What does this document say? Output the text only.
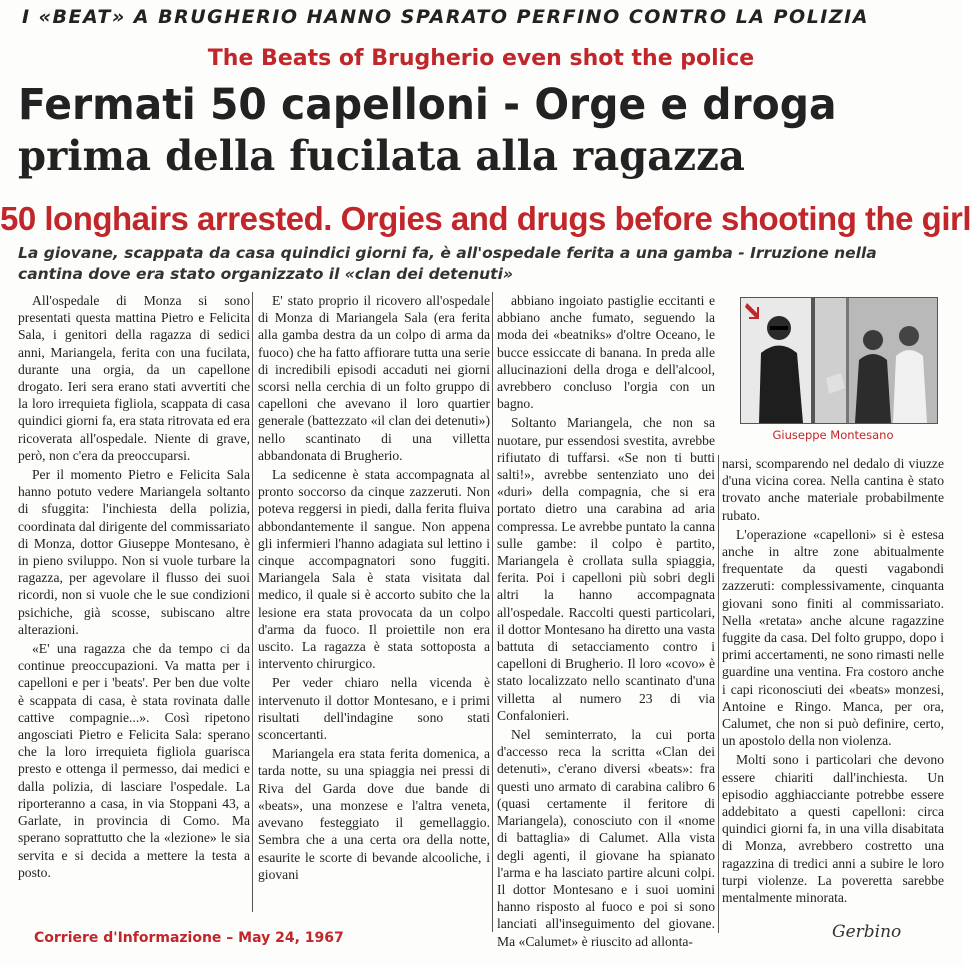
I «BEAT» A BRUGHERIO HANNO SPARATO PERFINO CONTRO LA POLIZIA
The Beats of Brugherio even shot the police
Fermati 50 capelloni - Orge e droga
prima della fucilata alla ragazza
50 longhairs arrested. Orgies and drugs before shooting the girl
La giovane, scappata da casa quindici giorni fa, è all'ospedale ferita a una gamba - Irruzione nella cantina dove era stato organizzato il «clan dei detenuti»

All'ospedale di Monza si sono presentati questa mattina Pietro e Felicita Sala, i genitori della ragazza di sedici anni, Mariangela, ferita con una fucilata, durante una orgia, da un capellone drogato. Ieri sera erano stati avvertiti che la loro irrequieta figliola, scappata di casa quindici giorni fa, era stata ritrovata ed era ricoverata all'ospedale. Niente di grave, però, non c'era da preoccuparsi.

Per il momento Pietro e Felicita Sala hanno potuto vedere Mariangela soltanto di sfuggita: l'inchiesta della polizia, coordinata dal dirigente del commissariato di Monza, dottor Giuseppe Montesano, è in pieno sviluppo. Non si vuole turbare la ragazza, per agevolare il flusso dei suoi ricordi, non si vuole che le sue condizioni psichiche, già scosse, subiscano altre alterazioni.

«E' una ragazza che da tempo ci da continue preoccupazioni. Va matta per i capelloni e per i 'beats'. Per ben due volte è scappata di casa, è stata rovinata dalle cattive compagnie...». Così ripetono angosciati Pietro e Felicita Sala: sperano che la loro irrequieta figliola guarisca presto e ottenga il permesso, dai medici e dalla polizia, di lasciare l'ospedale. La riporteranno a casa, in via Stoppani 43, a Garlate, in provincia di Como. Ma sperano soprattutto che la «lezione» le sia servita e si decida a mettere la testa a posto.

E' stato proprio il ricovero all'ospedale di Monza di Mariangela Sala (era ferita alla gamba destra da un colpo di arma da fuoco) che ha fatto affiorare tutta una serie di incredibili episodi accaduti nei giorni scorsi nella cerchia di un folto gruppo di capelloni che avevano il loro quartier generale (battezzato «il clan dei detenuti») nello scantinato di una villetta abbandonata di Brugherio.

La sedicenne è stata accompagnata al pronto soccorso da cinque zazzeruti. Non poteva reggersi in piedi, dalla ferita fluiva abbondantemente il sangue. Non appena gli infermieri l'hanno adagiata sul lettino i cinque accompagnatori sono fuggiti. Mariangela Sala è stata visitata dal medico, il quale si è accorto subito che la lesione era stata provocata da un colpo d'arma da fuoco. Il proiettile non era uscito. La ragazza è stata sottoposta a intervento chirurgico.

Per veder chiaro nella vicenda è intervenuto il dottor Montesano, e i primi risultati dell'indagine sono stati sconcertanti.

Mariangela era stata ferita domenica, a tarda notte, su una spiaggia nei pressi di Riva del Garda dove due bande di «beats», una monzese e l'altra veneta, avevano festeggiato il gemellaggio. Sembra che a una certa ora della notte, esaurite le scorte di bevande alcooliche, i giovani

abbiano ingoiato pastiglie eccitanti e abbiano anche fumato, seguendo la moda dei «beatniks» d'oltre Oceano, le bucce essiccate di banana. In preda alle allucinazioni della droga e dell'alcool, avrebbero concluso l'orgia con un bagno.

Soltanto Mariangela, che non sa nuotare, pur essendosi svestita, avrebbe rifiutato di tuffarsi. «Se non ti butti salti!», avrebbe sentenziato uno dei «duri» della compagnia, che si era portato dietro una carabina ad aria compressa. Le avrebbe puntato la canna sulle gambe: il colpo è partito, Mariangela è crollata sulla spiaggia, ferita. Poi i capelloni più sobri degli altri la hanno accompagnata all'ospedale. Raccolti questi particolari, il dottor Montesano ha diretto una vasta battuta di setacciamento contro i capelloni di Brugherio. Il loro «covo» è stato localizzato nello scantinato d'una villetta al numero 23 di via Confalonieri.

Nel seminterrato, la cui porta d'accesso reca la scritta «Clan dei detenuti», c'erano diversi «beats»: fra questi uno armato di carabina calibro 6 (quasi certamente il feritore di Mariangela), conosciuto con il «nome di battaglia» di Calumet. Alla vista degli agenti, il giovane ha spianato l'arma e ha lasciato partire alcuni colpi. Il dottor Montesano e i suoi uomini hanno risposto al fuoco e poi si sono lanciati all'inseguimento del giovane. Ma «Calumet» è riuscito ad allonta-

Giuseppe Montesano

narsi, scomparendo nel dedalo di viuzze d'una vicina corea. Nella cantina è stato trovato anche materiale probabilmente rubato.

L'operazione «capelloni» si è estesa anche in altre zone abitualmente frequentate da questi vagabondi zazzeruti: complessivamente, cinquanta giovani sono finiti al commissariato. Nella «retata» anche alcune ragazzine fuggite da casa. Del folto gruppo, dopo i primi accertamenti, ne sono rimasti nelle guardine una ventina. Fra costoro anche i capi riconosciuti dei «beats» monzesi, Antoine e Ringo. Manca, per ora, Calumet, che non si può definire, certo, un apostolo della non violenza.

Molti sono i particolari che devono essere chiariti dall'inchiesta. Un episodio agghiacciante potrebbe essere addebitato a questi capelloni: circa quindici giorni fa, in una villa disabitata di Monza, avrebbero costretto una ragazzina di tredici anni a subire le loro turpi violenze. La poveretta sarebbe mentalmente minorata.

Corriere d'Informazione – May 24, 1967	Gerbino
